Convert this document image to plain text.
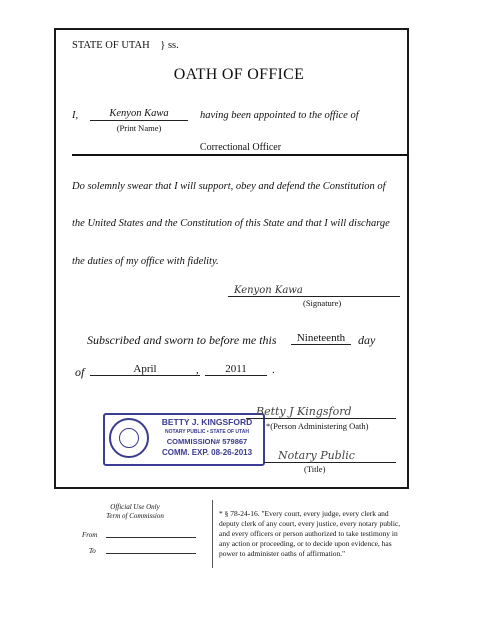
STATE OF UTAH } ss.
OATH OF OFFICE
I,	Kenyon Kawa
(Print Name)
having been appointed to the office of
Correctional Officer
Do solemnly swear that I will support, obey and defend the Constitution of
the United States and the Constitution of this State and that I will discharge
the duties of my office with fidelity.
Kenyon Kawa
(Signature)
Subscribed and sworn to before me this	Nineteenth	day
of	April	,	2011	.
BETTY J. KINGSFORD
NOTARY PUBLIC • STATE OF UTAH
COMMISSION# 579867
COMM. EXP. 08-26-2013
Betty J Kingsford
*(Person Administering Oath)
Notary Public
(Title)
Official Use Only
Term of Commission
From
To
* § 78-24-16. "Every court, every judge, every clerk and deputy clerk of any court, every justice, every notary public, and every officers or person authorized to take testimony in any action or proceeding, or to decide upon evidence, has power to administer oaths of affirmation."
